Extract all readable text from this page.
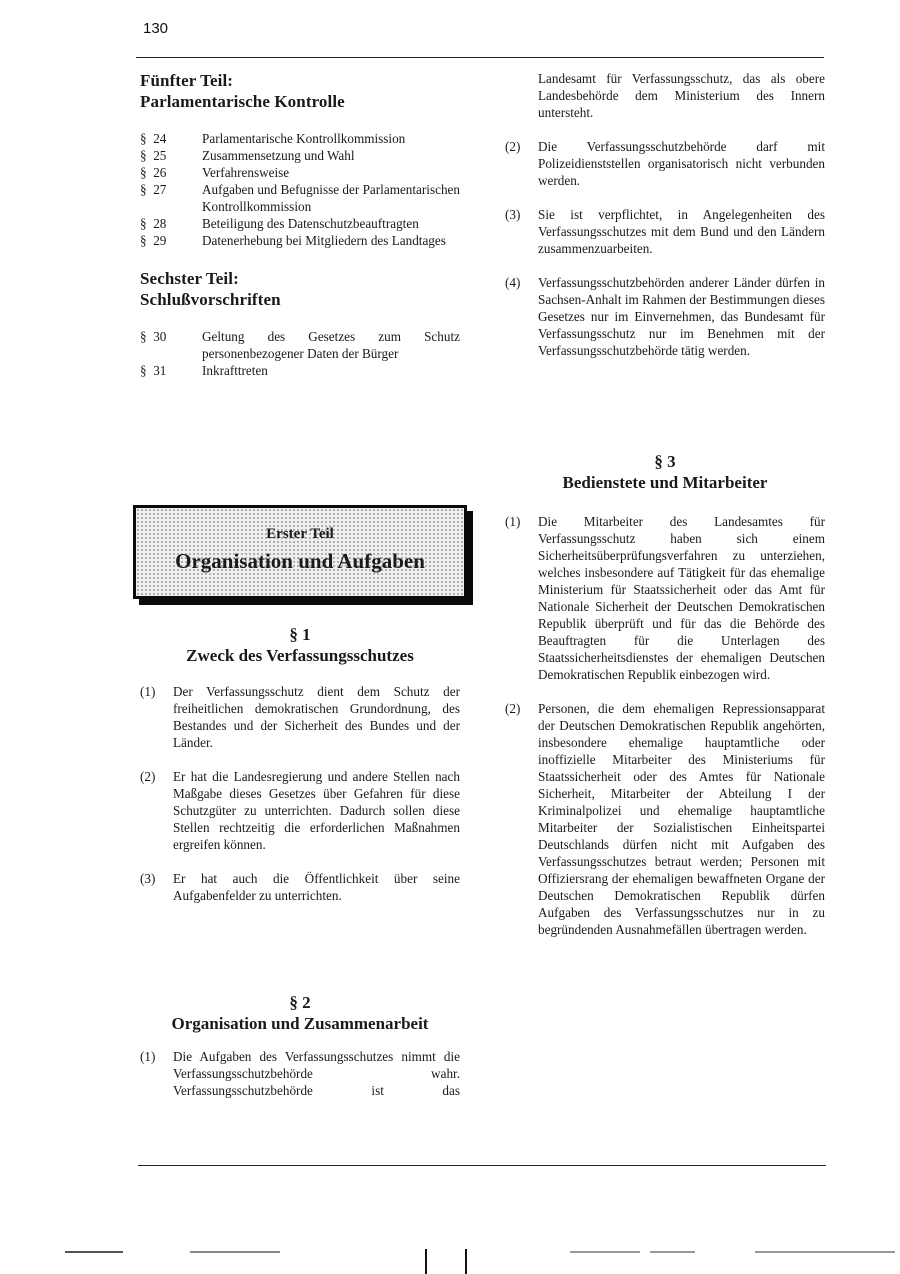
130
Fünfter Teil:
Parlamentarische Kontrolle
§  24	Parlamentarische Kontrollkommission
§  25	Zusammensetzung und Wahl
§  26	Verfahrensweise
§  27	Aufgaben und Befugnisse der Parlamentarischen Kontrollkommission
§  28	Beteiligung des Datenschutzbeauftragten
§  29	Datenerhebung bei Mitgliedern des Landtages
Sechster Teil:
Schlußvorschriften
§  30	Geltung des Gesetzes zum Schutz personenbezogener Daten der Bürger
§  31	Inkrafttreten
Erster Teil
Organisation und Aufgaben
§ 1
Zweck des Verfassungsschutzes

(1)	Der Verfassungsschutz dient dem Schutz der freiheitlichen demokratischen Grundordnung, des Bestandes und der Sicherheit des Bundes und der Länder.

(2)	Er hat die Landesregierung und andere Stellen nach Maßgabe dieses Gesetzes über Gefahren für diese Schutzgüter zu unterrichten. Dadurch sollen diese Stellen rechtzeitig die erforderlichen Maßnahmen ergreifen können.

(3)	Er hat auch die Öffentlichkeit über seine Aufgabenfelder zu unterrichten.

§ 2
Organisation und Zusammenarbeit

(1)	Die Aufgaben des Verfassungsschutzes nimmt die Verfassungsschutzbehörde wahr. Verfassungsschutzbehörde ist das

Landesamt für Verfassungsschutz, das als obere Landesbehörde dem Ministerium des Innern untersteht.

(2)	Die Verfassungsschutzbehörde darf mit Polizeidienststellen organisatorisch nicht verbunden werden.

(3)	Sie ist verpflichtet, in Angelegenheiten des Verfassungsschutzes mit dem Bund und den Ländern zusammenzuarbeiten.

(4)	Verfassungsschutzbehörden anderer Länder dürfen in Sachsen-Anhalt im Rahmen der Bestimmungen dieses Gesetzes nur im Einvernehmen, das Bundesamt für Verfassungsschutz nur im Benehmen mit der Verfassungsschutzbehörde tätig werden.

§ 3
Bedienstete und Mitarbeiter

(1)	Die Mitarbeiter des Landesamtes für Verfassungsschutz haben sich einem Sicherheitsüberprüfungsverfahren zu unterziehen, welches insbesondere auf Tätigkeit für das ehemalige Ministerium für Staatssicherheit oder das Amt für Nationale Sicherheit der Deutschen Demokratischen Republik überprüft und für das die Behörde des Beauftragten für die Unterlagen des Staatssicherheitsdienstes der ehemaligen Deutschen Demokratischen Republik einbezogen wird.

(2)	Personen, die dem ehemaligen Repressionsapparat der Deutschen Demokratischen Republik angehörten, insbesondere ehemalige hauptamtliche oder inoffizielle Mitarbeiter des Ministeriums für Staatssicherheit oder des Amtes für Nationale Sicherheit, Mitarbeiter der Abteilung I der Kriminalpolizei und ehemalige hauptamtliche Mitarbeiter der Sozialistischen Einheitspartei Deutschlands dürfen nicht mit Aufgaben des Verfassungsschutzes betraut werden; Personen mit Offiziersrang der ehemaligen bewaffneten Organe der Deutschen Demokratischen Republik dürfen Aufgaben des Verfassungsschutzes nur in zu begründenden Ausnahmefällen übertragen werden.
